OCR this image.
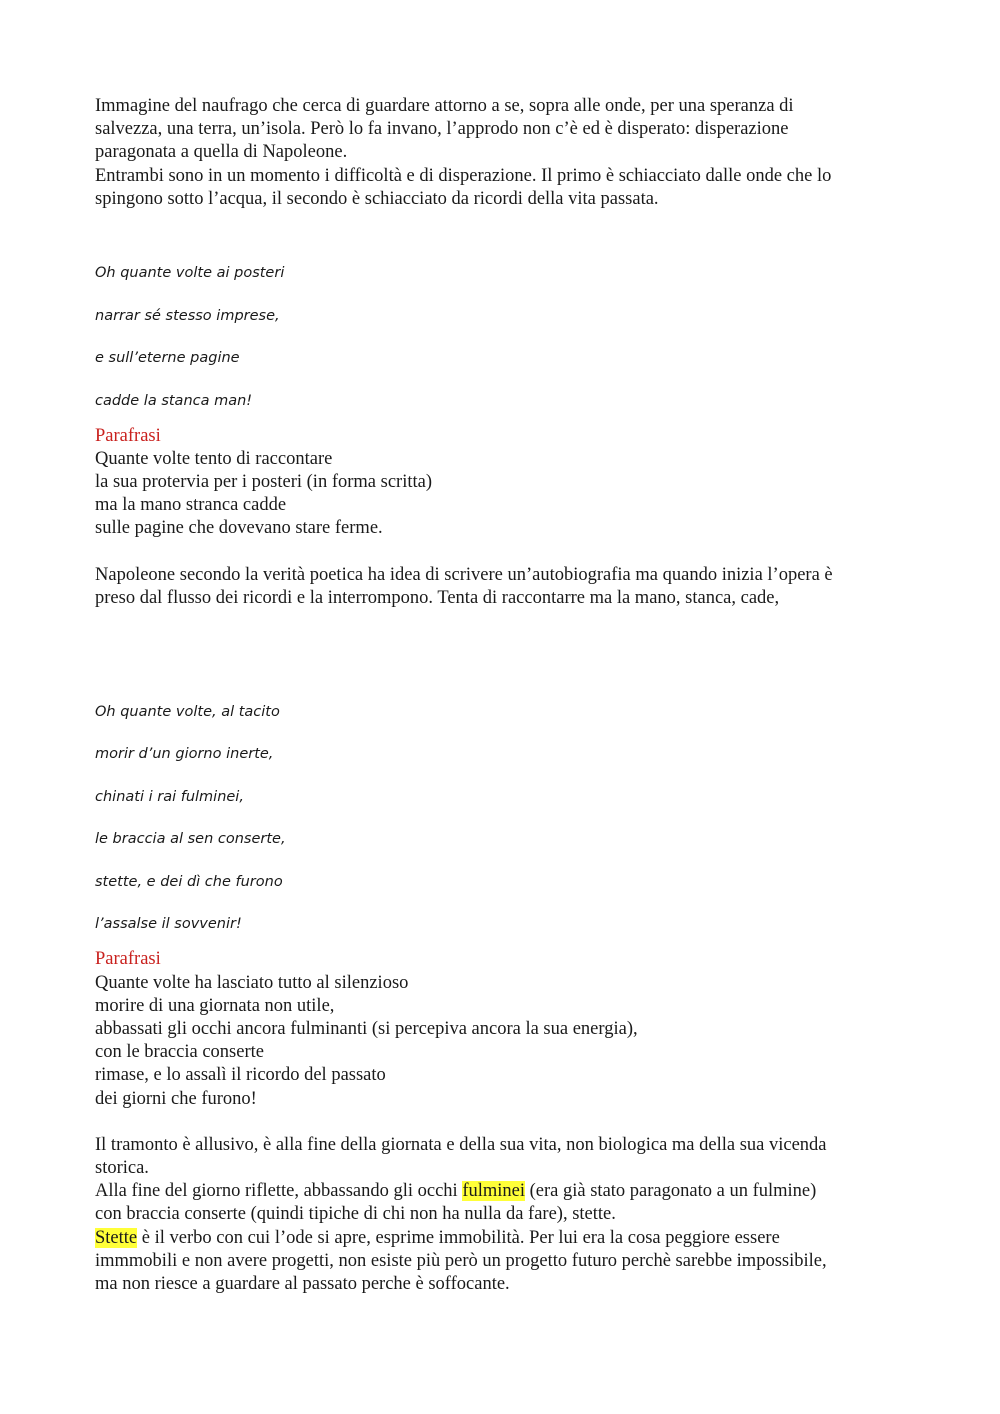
Immagine del naufrago che cerca di guardare attorno a se, sopra alle onde, per una speranza di
salvezza, una terra, un’isola. Però lo fa invano, l’approdo non c’è ed è disperato: disperazione
paragonata a quella di Napoleone.
Entrambi sono in un momento i difficoltà e di disperazione. Il primo è schiacciato dalle onde che lo
spingono sotto l’acqua, il secondo è schiacciato da ricordi della vita passata.

Oh quante volte ai posteri

narrar sé stesso imprese,

e sull’eterne pagine

cadde la stanca man!

Parafrasi
Quante volte tento di raccontare
la sua protervia per i posteri (in forma scritta)
ma la mano stranca cadde
sulle pagine che dovevano stare ferme.
Napoleone secondo la verità poetica ha idea di scrivere un’autobiografia ma quando inizia l’opera è
preso dal flusso dei ricordi e la interrompono. Tenta di raccontarre ma la mano, stanca, cade,

Oh quante volte, al tacito

morir d’un giorno inerte,

chinati i rai fulminei,

le braccia al sen conserte,

stette, e dei dì che furono

l’assalse il sovvenir!

Parafrasi
Quante volte ha lasciato tutto al silenzioso
morire di una giornata non utile,
abbassati gli occhi ancora fulminanti (si percepiva ancora la sua energia),
con le braccia conserte
rimase, e lo assalì il ricordo del passato
dei giorni che furono!
Il tramonto è allusivo, è alla fine della giornata e della sua vita, non biologica ma della sua vicenda
storica.
Alla fine del giorno riflette, abbassando gli occhi fulminei (era già stato paragonato a un fulmine)
con braccia conserte (quindi tipiche di chi non ha nulla da fare), stette.
Stette è il verbo con cui l’ode si apre, esprime immobilità. Per lui era la cosa peggiore essere
immmobili e non avere progetti, non esiste più però un progetto futuro perchè sarebbe impossibile,
ma non riesce a guardare al passato perche è soffocante.
